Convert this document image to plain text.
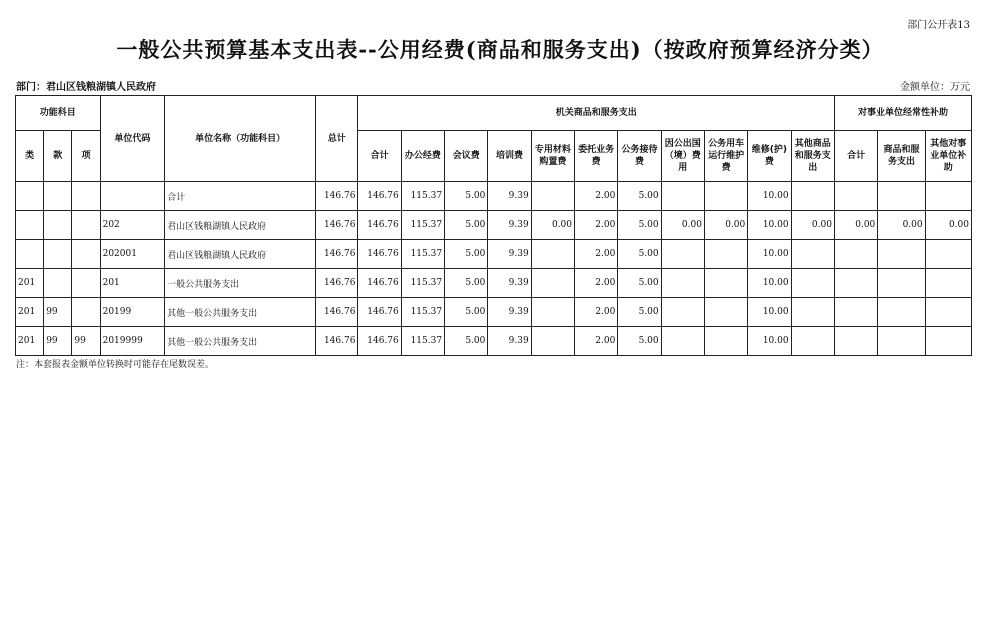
部门公开表13
一般公共预算基本支出表--公用经费(商品和服务支出)（按政府预算经济分类）
部门：君山区钱粮湖镇人民政府	金额单位：万元
功能科目			单位代码	单位名称（功能科目）	总计	机关商品和服务支出											对事业单位经常性补助		
类	款	项				合计	办公经费	会议费	培训费	专用材料购置费	委托业务费	公务接待费	因公出国（境）费用	公务用车运行维护费	维修(护)费	其他商品和服务支出	合计	商品和服务支出	其他对事业单位补助
				合计	146.76	146.76	115.37	5.00	9.39		2.00	5.00			10.00				
			202	君山区钱粮湖镇人民政府	146.76	146.76	115.37	5.00	9.39	0.00	2.00	5.00	0.00	0.00	10.00	0.00	0.00	0.00	0.00
			202001	君山区钱粮湖镇人民政府	146.76	146.76	115.37	5.00	9.39		2.00	5.00			10.00				
201			201	一般公共服务支出	146.76	146.76	115.37	5.00	9.39		2.00	5.00			10.00				
201	99		20199	其他一般公共服务支出	146.76	146.76	115.37	5.00	9.39		2.00	5.00			10.00				
201	99	99	2019999	其他一般公共服务支出	146.76	146.76	115.37	5.00	9.39		2.00	5.00			10.00				
注：本套报表金额单位转换时可能存在尾数误差。
